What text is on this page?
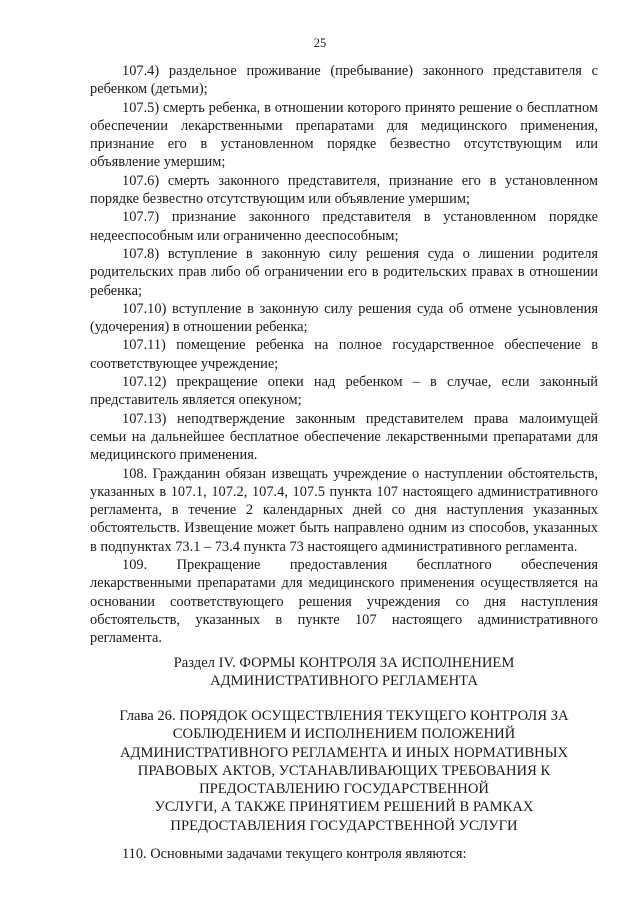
25

107.4) раздельное проживание (пребывание) законного представителя с ребенком (детьми);

107.5) смерть ребенка, в отношении которого принято решение о бесплатном обеспечении лекарственными препаратами для медицинского применения, признание его в установленном порядке безвестно отсутствующим или объявление умершим;

107.6) смерть законного представителя, признание его в установленном порядке безвестно отсутствующим или объявление умершим;

107.7) признание законного представителя в установленном порядке недееспособным или ограниченно дееспособным;

107.8) вступление в законную силу решения суда о лишении родителя родительских прав либо об ограничении его в родительских правах в отношении ребенка;

107.10) вступление в законную силу решения суда об отмене усыновления (удочерения) в отношении ребенка;

107.11) помещение ребенка на полное государственное обеспечение в соответствующее учреждение;

107.12) прекращение опеки над ребенком – в случае, если законный представитель является опекуном;

107.13) неподтверждение законным представителем права малоимущей семьи на дальнейшее бесплатное обеспечение лекарственными препаратами для медицинского применения.

108. Гражданин обязан извещать учреждение о наступлении обстоятельств, указанных в 107.1, 107.2, 107.4, 107.5 пункта 107 настоящего административного регламента, в течение 2 календарных дней со дня наступления указанных обстоятельств. Извещение может быть направлено одним из способов, указанных в подпунктах 73.1 – 73.4 пункта 73 настоящего административного регламента.

109. Прекращение предоставления бесплатного обеспечения лекарственными препаратами для медицинского применения осуществляется на основании соответствующего решения учреждения со дня наступления обстоятельств, указанных в пункте 107 настоящего административного регламента.

Раздел IV. ФОРМЫ КОНТРОЛЯ ЗА ИСПОЛНЕНИЕМ
АДМИНИСТРАТИВНОГО РЕГЛАМЕНТА
Глава 26. ПОРЯДОК ОСУЩЕСТВЛЕНИЯ ТЕКУЩЕГО КОНТРОЛЯ ЗА
СОБЛЮДЕНИЕМ И ИСПОЛНЕНИЕМ ПОЛОЖЕНИЙ
АДМИНИСТРАТИВНОГО РЕГЛАМЕНТА И ИНЫХ НОРМАТИВНЫХ
ПРАВОВЫХ АКТОВ, УСТАНАВЛИВАЮЩИХ ТРЕБОВАНИЯ К
ПРЕДОСТАВЛЕНИЮ ГОСУДАРСТВЕННОЙ
УСЛУГИ, А ТАКЖЕ ПРИНЯТИЕМ РЕШЕНИЙ В РАМКАХ
ПРЕДОСТАВЛЕНИЯ ГОСУДАРСТВЕННОЙ УСЛУГИ

110. Основными задачами текущего контроля являются:
